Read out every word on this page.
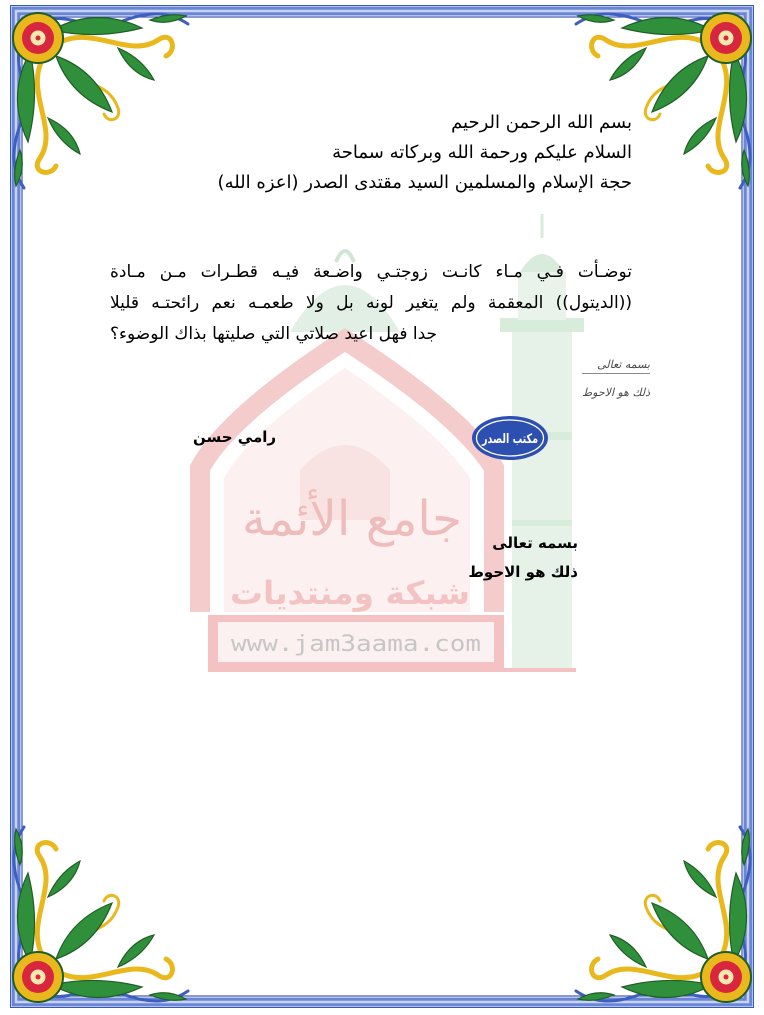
جامع الأئمة
شبكة ومنتديات
www.jam3aama.com
بسم الله الرحمن الرحيم
السلام عليكم ورحمة الله وبركاته سماحة
حجة الإسلام والمسلمين السيد مقتدى الصدر (اعزه الله)
توضـأت فـي مـاء كانـت زوجتـي واضـعة فيـه قطـرات مـن مـادة
((الديتول)) المعقمة ولم يتغير لونه بل ولا طعمـه نعم رائحتـه قليلا
جدا فهل اعيد صلاتي التي صليتها بذاك الوضوء؟
بسمه تعالى
ذلك هو الاحوط
رامي حسن	مكتب الصدر
بسمه تعالى
ذلك هو الاحوط
